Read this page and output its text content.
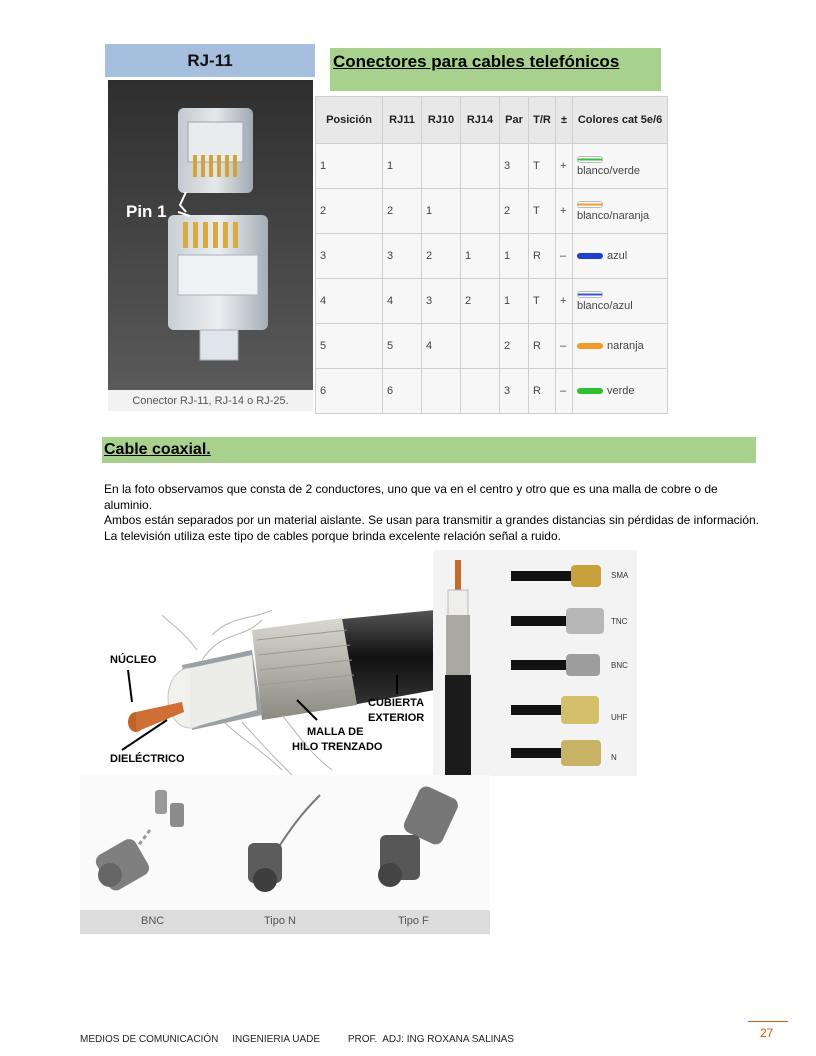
RJ-11
Pin 1
Conector RJ-11, RJ-14 o RJ-25.
Conectores para cables telefónicos
Posición	RJ11	RJ10	RJ14	Par	T/R	±	Colores cat 5e/6
1	1			3	T	+	blanco/verde
2	2	1		2	T	+	blanco/naranja
3	3	2	1	1	R	–	azul
4	4	3	2	1	T	+	blanco/azul
5	5	4		2	R	–	naranja
6	6			3	R	–	verde
Cable coaxial.

En la foto observamos que consta de 2 conductores, uno que va en el centro y otro que es una malla de cobre o de aluminio.

Ambos están separados por un material aislante. Se usan para transmitir a grandes distancias sin pérdidas de información. La televisión utiliza este tipo de cables porque brinda excelente relación señal a ruido.

NÚCLEO
DIELÉCTRICO
MALLA DE
HILO TRENZADO
CUBIERTA
EXTERIOR
SMA
TNC
BNC
UHF
N
BNC	Tipo N	Tipo F
27
MEDIOS DE COMUNICACIÓN     INGENIERIA UADE          PROF.  ADJ: ING ROXANA SALINAS
